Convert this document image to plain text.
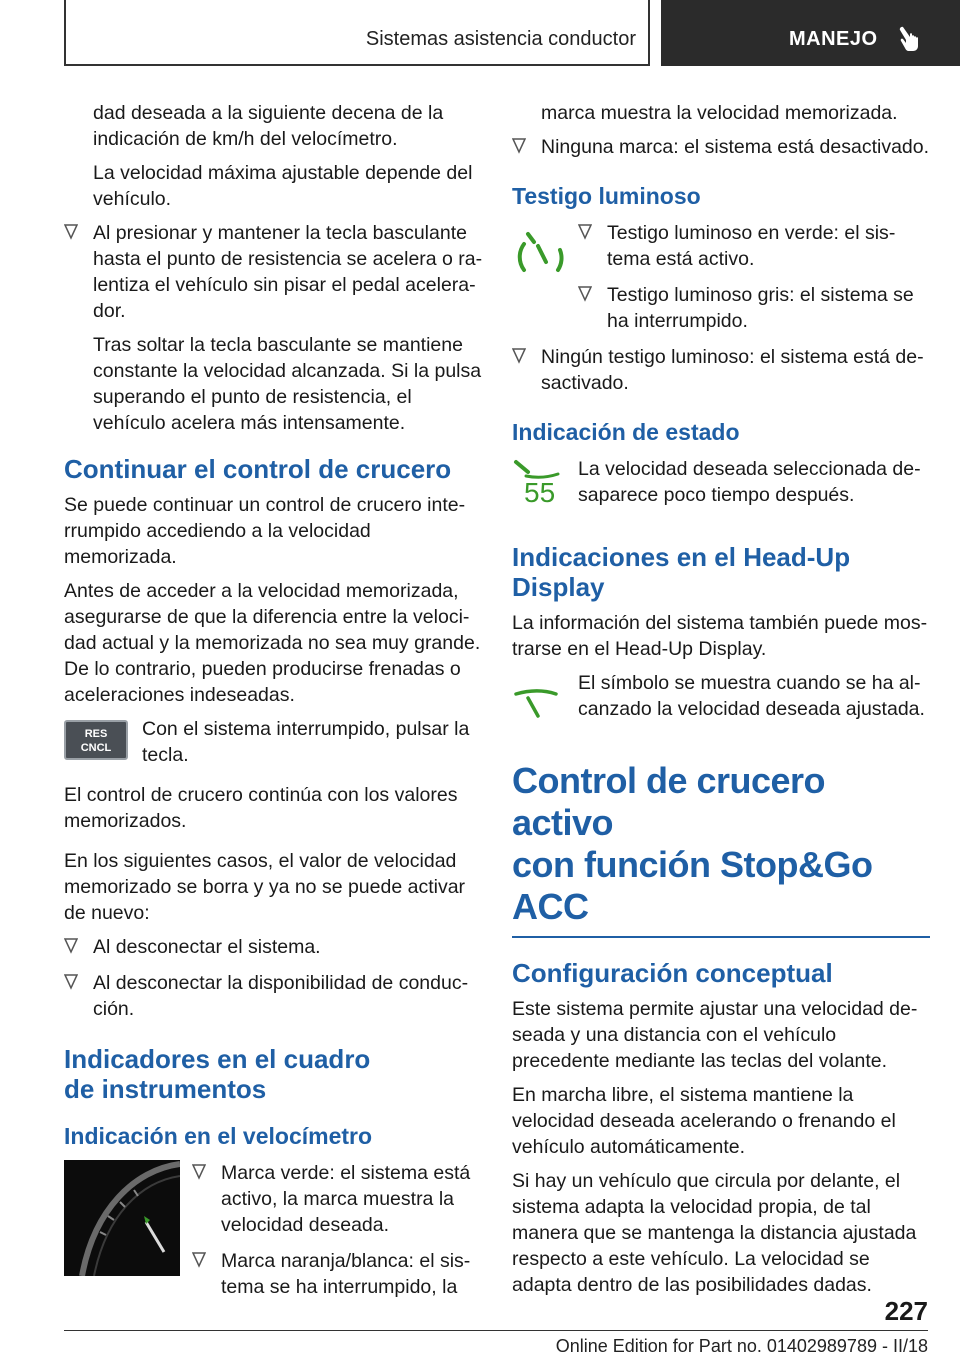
Sistemas asistencia conductor	MANEJO

dad deseada a la siguiente decena de la indicación de km/h del velocímetro.

La velocidad máxima ajustable depende del vehículo.

Al presionar y mantener la tecla basculante hasta el punto de resistencia se acelera o ralentiza el vehículo sin pisar el pedal acelerador.
Tras soltar la tecla basculante se mantiene constante la velocidad alcanzada. Si la pulsa superando el punto de resistencia, el vehículo acelera más intensamente.
Continuar el control de crucero

Se puede continuar un control de crucero interrumpido accediendo a la velocidad memorizada.

Antes de acceder a la velocidad memorizada, asegurarse de que la diferencia entre la velocidad actual y la memorizada no sea muy grande. De lo contrario, pueden producirse frenadas o aceleraciones indeseadas.

RES
CNCL

Con el sistema interrumpido, pulsar la tecla.

El control de crucero continúa con los valores memorizados.

En los siguientes casos, el valor de velocidad memorizado se borra y ya no se puede activar de nuevo:

Al desconectar el sistema.
Al desconectar la disponibilidad de conducción.
Indicadores en el cuadro
de instrumentos
Indicación en el velocímetro
Marca verde: el sistema está activo, la marca muestra la velocidad deseada.
Marca naranja/blanca: el sistema se ha interrumpido, la

marca muestra la velocidad memorizada.

Ninguna marca: el sistema está desactivado.
Testigo luminoso
Testigo luminoso en verde: el sistema está activo.
Testigo luminoso gris: el sistema se ha interrumpido.
Ningún testigo luminoso: el sistema está desactivado.
Indicación de estado
55

La velocidad deseada seleccionada desaparece poco tiempo después.

Indicaciones en el Head-Up Display

La información del sistema también puede mostrarse en el Head-Up Display.

El símbolo se muestra cuando se ha alcanzado la velocidad deseada ajustada.

Control de crucero activo
con función Stop&Go ACC
Configuración conceptual

Este sistema permite ajustar una velocidad deseada y una distancia con el vehículo precedente mediante las teclas del volante.

En marcha libre, el sistema mantiene la velocidad deseada acelerando o frenando el vehículo automáticamente.

Si hay un vehículo que circula por delante, el sistema adapta la velocidad propia, de tal manera que se mantenga la distancia ajustada respecto a este vehículo. La velocidad se adapta dentro de las posibilidades dadas.

227
Online Edition for Part no. 01402989789 - II/18
